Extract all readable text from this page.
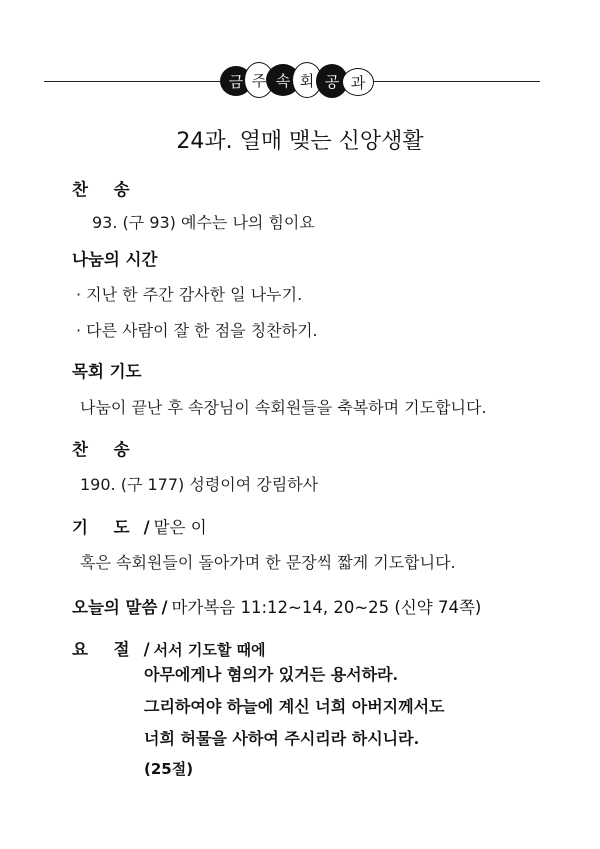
금 주 속 회 공 과
24과. 열매 맺는 신앙생활
찬 송
93. (구 93) 예수는 나의 힘이요
나눔의 시간
· 지난 한 주간 감사한 일 나누기.
· 다른 사람이 잘 한 점을 칭찬하기.
목회 기도
나눔이 끝난 후 속장님이 속회원들을 축복하며 기도합니다.
찬 송
190. (구 177) 성령이여 강림하사
기 도 / 맡은 이
혹은 속회원들이 돌아가며 한 문장씩 짧게 기도합니다.
오늘의 말씀 / 마가복음 11:12~14, 20~25 (신약 74쪽)
요 절 / 서서 기도할 때에
아무에게나 혐의가 있거든 용서하라.
그리하여야 하늘에 계신 너희 아버지께서도
너희 허물을 사하여 주시리라 하시니라.
(25절)
